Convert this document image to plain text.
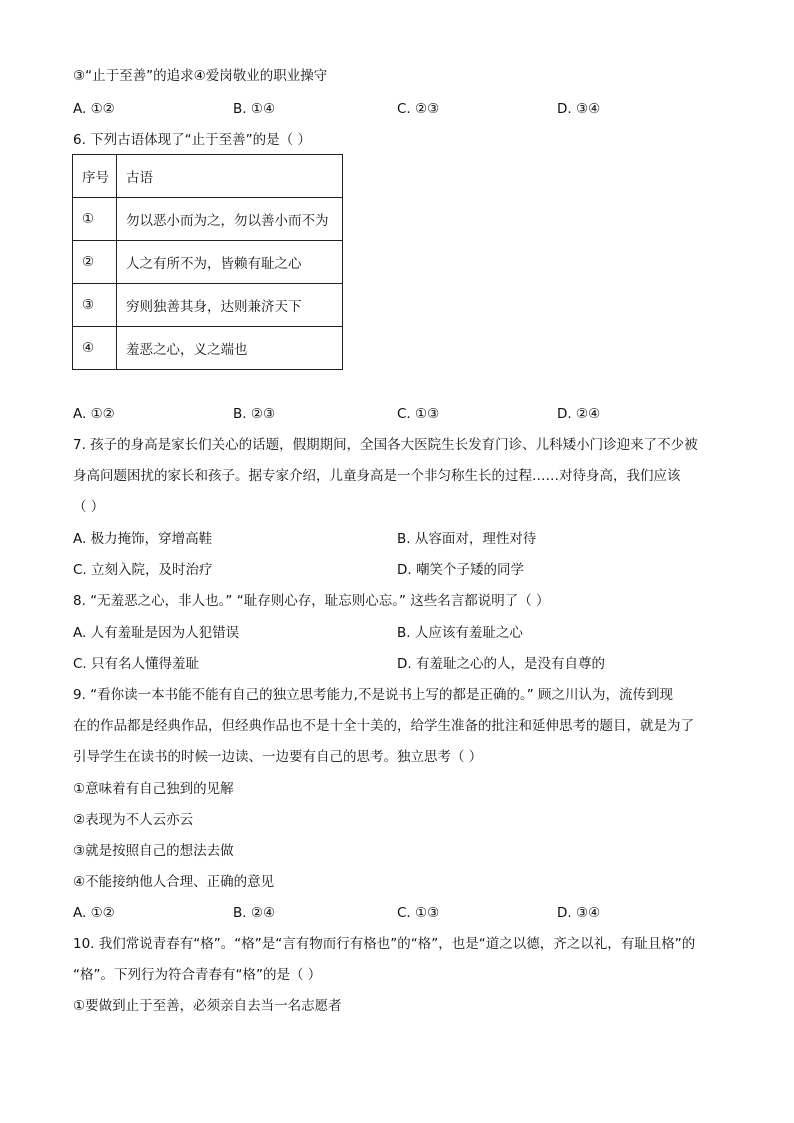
③“止于至善”的追求④爱岗敬业的职业操守
A. ①②	B. ①④	C. ②③	D. ③④
6. 下列古语体现了“止于至善”的是（ ）
序号	古语
①	勿以恶小而为之，勿以善小而不为
②	人之有所不为，皆赖有耻之心
③	穷则独善其身，达则兼济天下
④	羞恶之心，义之端也
A. ①②	B. ②③	C. ①③	D. ②④
7. 孩子的身高是家长们关心的话题，假期期间，全国各大医院生长发育门诊、儿科矮小门诊迎来了不少被
身高问题困扰的家长和孩子。据专家介绍，儿童身高是一个非匀称生长的过程……对待身高，我们应该
（ ）
A. 极力掩饰，穿增高鞋	B. 从容面对，理性对待
C. 立刻入院，及时治疗	D. 嘲笑个子矮的同学
8. “无羞恶之心，非人也。” “耻存则心存，耻忘则心忘。” 这些名言都说明了（ ）
A. 人有羞耻是因为人犯错误	B. 人应该有羞耻之心
C. 只有名人懂得羞耻	D. 有羞耻之心的人，是没有自尊的
9. “看你读一本书能不能有自己的独立思考能力,不是说书上写的都是正确的。” 顾之川认为，流传到现
在的作品都是经典作品，但经典作品也不是十全十美的，给学生准备的批注和延伸思考的题目，就是为了
引导学生在读书的时候一边读、一边要有自己的思考。独立思考（ ）
①意味着有自己独到的见解
②表现为不人云亦云
③就是按照自己的想法去做
④不能接纳他人合理、正确的意见
A. ①②	B. ②④	C. ①③	D. ③④
10. 我们常说青春有“格”。“格”是“言有物而行有格也”的“格”，也是“道之以德，齐之以礼，有耻且格”的
“格”。下列行为符合青春有“格”的是（ ）
①要做到止于至善，必须亲自去当一名志愿者
